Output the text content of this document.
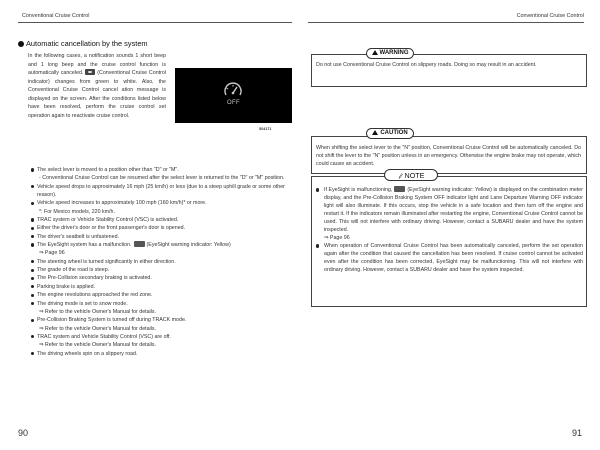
Conventional Cruise Control
Automatic cancellation by the system

In the following cases, a notification sounds 1 short beep and 1 long beep and the cruise control function is automatically canceled.	(Conventional Cruise Control indicator) changes from green to white. Also, the Conventional Cruise Control cancel ation message is displayed on the screen. After the conditions listed below have been resolved, perform the cruise control set operation again to reactivate cruise control.

OFF
S04171
The select lever is moved to a position other than "D" or "M".
- Conventional Cruise Control can be resumed after the select lever is returned to the "D" or "M" position.
Vehicle speed drops to approximately 16 mph (25 km/h) or less (due to a steep uphill grade or some other reason).
Vehicle speed increases to approximately 100 mph (160 km/h)* or more.
*: For Mexico models, 220 km/h.
TRAC system or Vehicle Stability Control (VSC) is activated.
Either the driver's door or the front passenger's door is opened.
The driver's seatbelt is unfastened.
The EyeSight system has a malfunction.	(EyeSight warning indicator: Yellow)
⇒ Page 96
The steering wheel is turned significantly in either direction.
The grade of the road is steep.
The Pre-Collision secondary braking is activated.
Parking brake is applied.
The engine revolutions approached the red zone.
The driving mode is set to snow mode.
⇒ Refer to the vehicle Owner's Manual for details.
Pre-Collision Braking System is turned off during TRACK mode.
⇒ Refer to the vehicle Owner's Manual for details.
TRAC system and Vehicle Stability Control (VSC) are off.
⇒ Refer to the vehicle Owner's Manual for details.
The driving wheels spin on a slippery road.
90
Conventional Cruise Control
Do not use Conventional Cruise Control on slippery roads. Doing so may result in an accident.
WARNING
When shifting the select lever to the "N" position, Conventional Cruise Control will be automatically canceled. Do not shift the lever to the "N" position unless in an emergency. Otherwise the engine brake may not operate, which could cause an accident.
CAUTION
If EyeSight is malfunctioning,	(EyeSight warning indicator: Yellow) is displayed on the combination meter display, and the Pre-Collision Braking System OFF indicator light and Lane Departure Warning OFF indicator light will also illuminate. If this occurs, stop the vehicle in a safe location and then turn off the engine and restart it. If the indicators remain illuminated after restarting the engine, Conventional Cruise Control cannot be used. This will not interfere with ordinary driving. However, contact a SUBARU dealer and have the system inspected.
⇒ Page 96
When operation of Conventional Cruise Control has been automatically canceled, perform the set operation again after the condition that caused the cancellation has been resolved. If cruise control cannot be activated even after the condition has been corrected, EyeSight may be malfunctioning. This will not interfere with ordinary driving. However, contact a SUBARU dealer and have the system inspected.
NOTE
91
